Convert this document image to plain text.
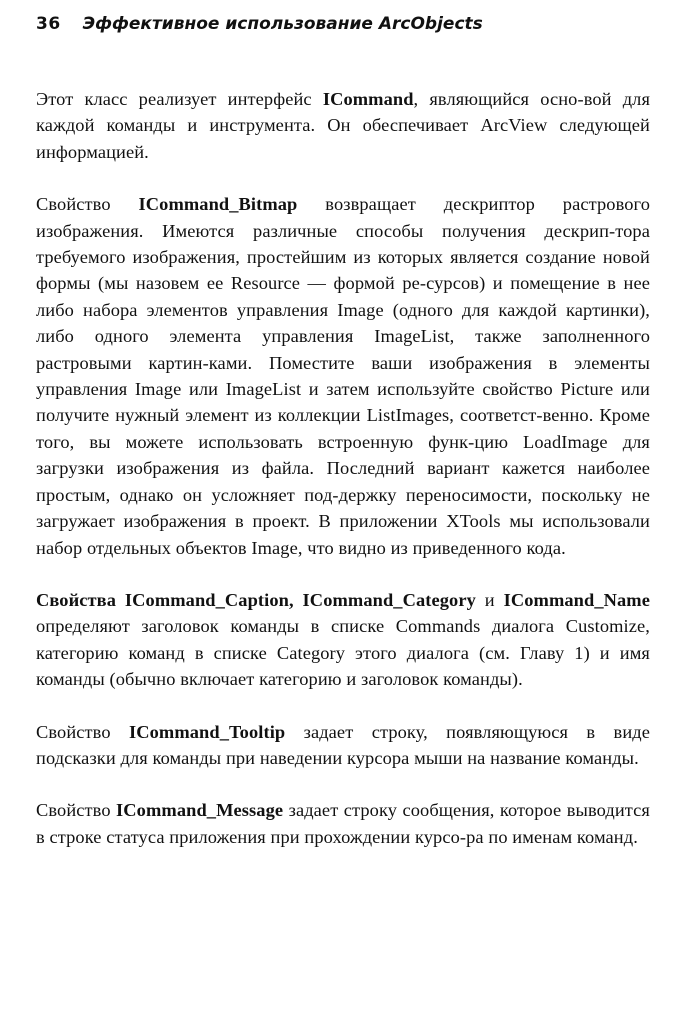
36 Эффективное использование ArcObjects

Этот класс реализует интерфейс ICommand, являющийся осно-вой для каждой команды и инструмента. Он обеспечивает ArcView следующей информацией.

Свойство ICommand_Bitmap возвращает дескриптор растрового изображения. Имеются различные способы получения дескрип-тора требуемого изображения, простейшим из которых является создание новой формы (мы назовем ее Resource — формой ре-сурсов) и помещение в нее либо набора элементов управления Image (одного для каждой картинки), либо одного элемента управления ImageList, также заполненного растровыми картин-ками. Поместите ваши изображения в элементы управления Image или ImageList и затем используйте свойство Picture или получите нужный элемент из коллекции ListImages, соответст-венно. Кроме того, вы можете использовать встроенную функ-цию LoadImage для загрузки изображения из файла. Последний вариант кажется наиболее простым, однако он усложняет под-держку переносимости, поскольку не загружает изображения в проект. В приложении XTools мы использовали набор отдельных объектов Image, что видно из приведенного кода.

Свойства ICommand_Caption, ICommand_Category и ICommand_Name определяют заголовок команды в списке Commands диалога Customize, категорию команд в списке Category этого диалога (см. Главу 1) и имя команды (обычно включает категорию и заголовок команды).

Свойство ICommand_Tooltip задает строку, появляющуюся в виде подсказки для команды при наведении курсора мыши на название команды.

Свойство ICommand_Message задает строку сообщения, которое выводится в строке статуса приложения при прохождении курсо-ра по именам команд.
